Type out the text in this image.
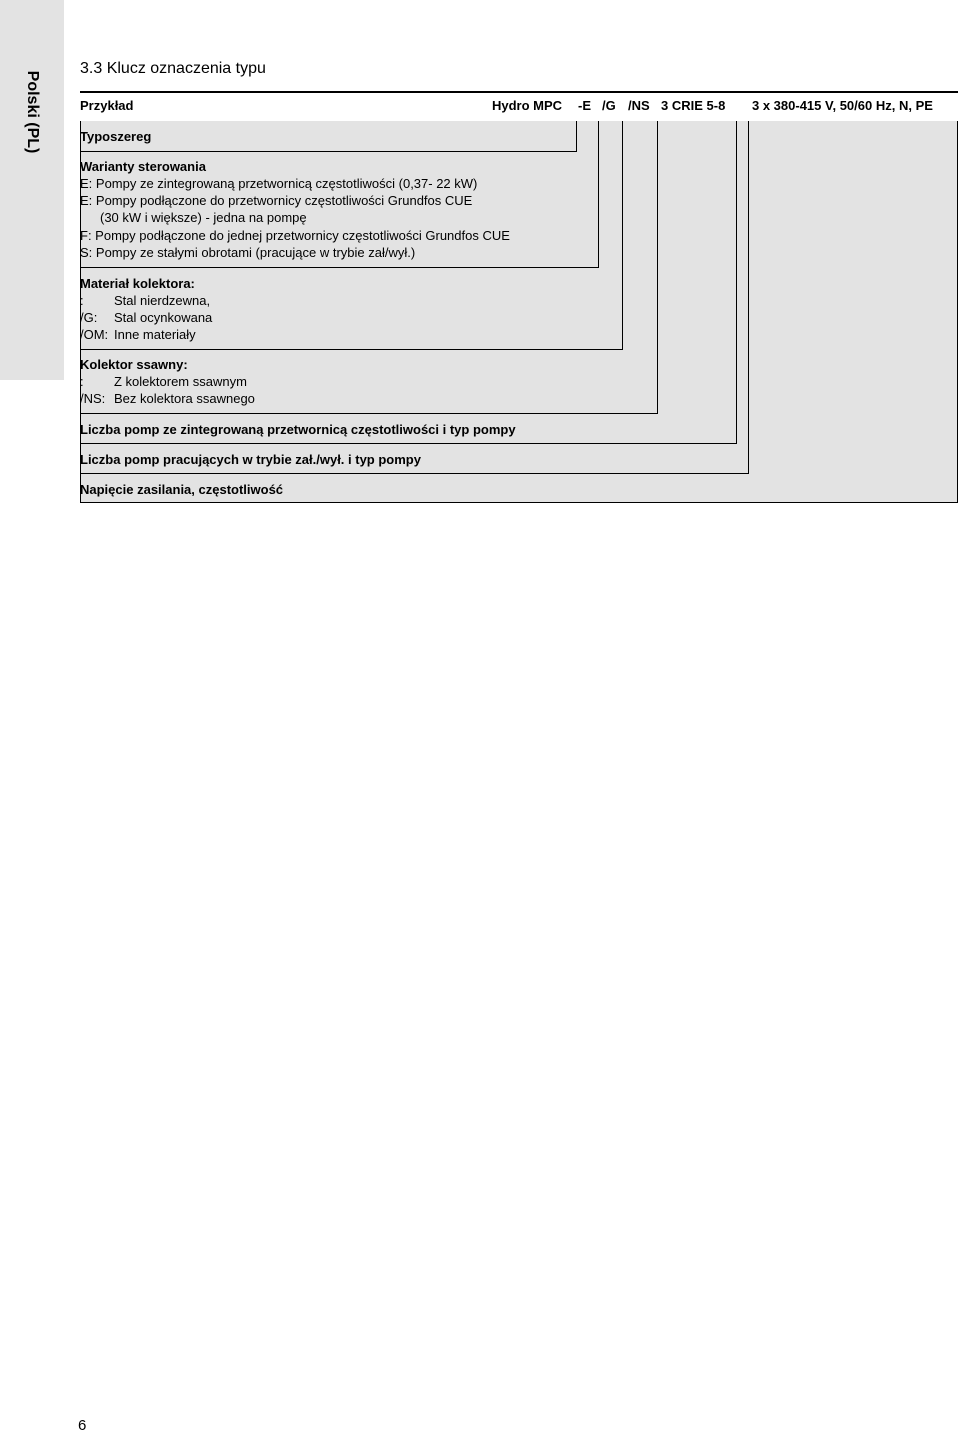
Polski (PL)
3.3 Klucz oznaczenia typu
Przykład	Hydro MPC -E /G /NS 3 CRIE 5-8 3 x 380-415 V, 50/60 Hz, N, PE
Typoszereg
Warianty sterowania
E: Pompy ze zintegrowaną przetwornicą częstotliwości (0,37- 22 kW)
E: Pompy podłączone do przetwornicy częstotliwości Grundfos CUE
(30 kW i większe) - jedna na pompę
F: Pompy podłączone do jednej przetwornicy częstotliwości Grundfos CUE
S: Pompy ze stałymi obrotami (pracujące w trybie zał/wył.)
Materiał kolektora:
: Stal nierdzewna,
/G: Stal ocynkowana
/OM: Inne materiały
Kolektor ssawny:
: Z kolektorem ssawnym
/NS: Bez kolektora ssawnego
Liczba pomp ze zintegrowaną przetwornicą częstotliwości i typ pompy
Liczba pomp pracujących w trybie zał./wył. i typ pompy
Napięcie zasilania, częstotliwość
6
